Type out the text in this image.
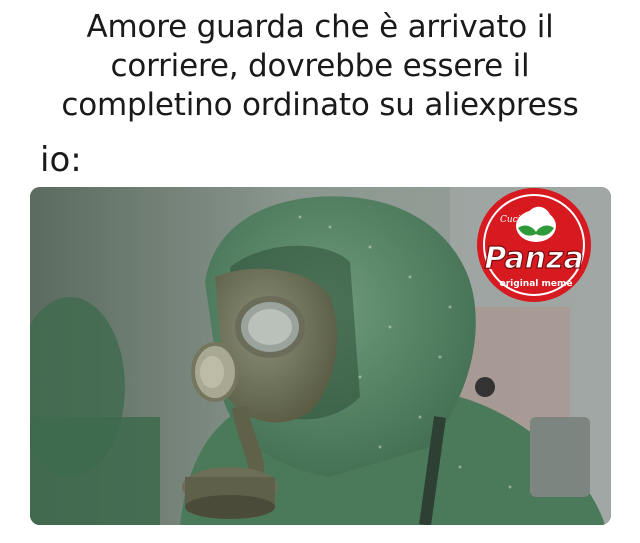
Amore guarda che è arrivato il
corriere, dovrebbe essere il
completino ordinato su aliexpress
io:
Cucina de
Panza
original meme
